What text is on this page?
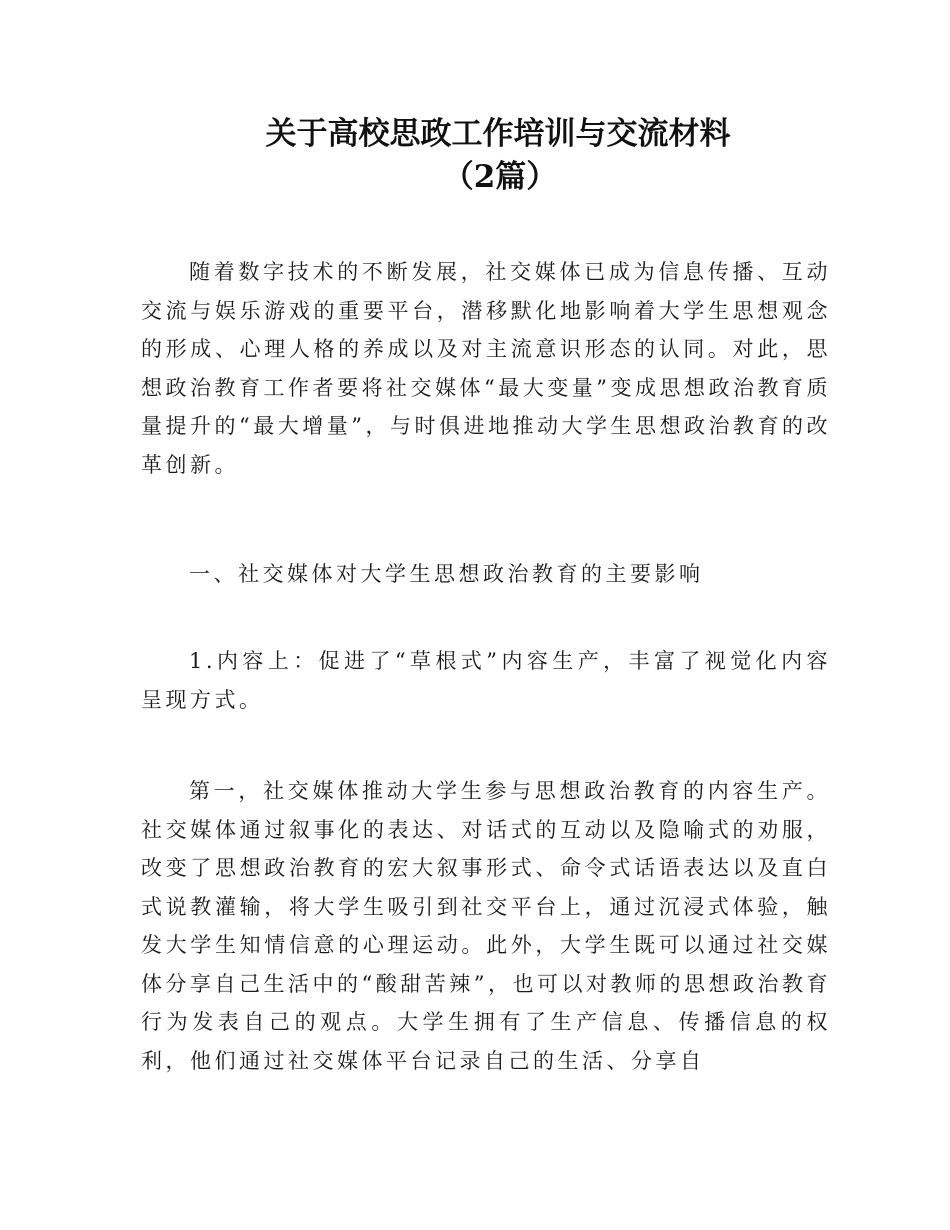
关于高校思政工作培训与交流材料
（2篇）

随着数字技术的不断发展，社交媒体已成为信息传播、互动交流与娱乐游戏的重要平台，潜移默化地影响着大学生思想观念的形成、心理人格的养成以及对主流意识形态的认同。对此，思想政治教育工作者要将社交媒体“最大变量”变成思想政治教育质量提升的“最大增量”，与时俱进地推动大学生思想政治教育的改革创新。

一、社交媒体对大学生思想政治教育的主要影响

1.内容上：促进了“草根式”内容生产，丰富了视觉化内容呈现方式。

第一，社交媒体推动大学生参与思想政治教育的内容生产。社交媒体通过叙事化的表达、对话式的互动以及隐喻式的劝服，改变了思想政治教育的宏大叙事形式、命令式话语表达以及直白式说教灌输，将大学生吸引到社交平台上，通过沉浸式体验，触发大学生知情信意的心理运动。此外，大学生既可以通过社交媒体分享自己生活中的“酸甜苦辣”，也可以对教师的思想政治教育行为发表自己的观点。大学生拥有了生产信息、传播信息的权利，他们通过社交媒体平台记录自己的生活、分享自
